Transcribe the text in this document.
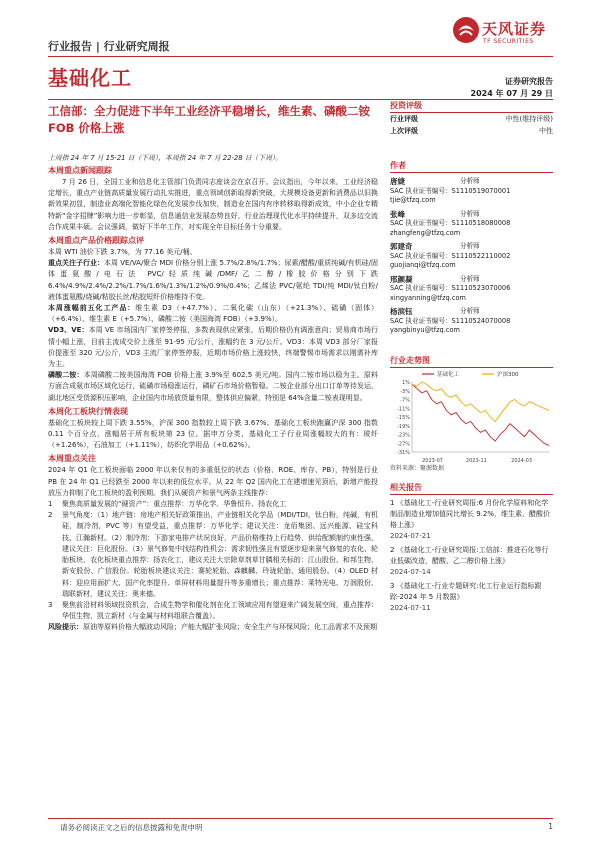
天风证券
TF SECURITIES
行业报告 | 行业研究周报
基础化工	证券研究报告
2024 年 07 月 29 日
工信部：全力促进下半年工业经济平稳增长，维生素、磷酸二铵 FOB 价格上涨
上周指 24 年 7 月 15-21 日（下周），本周指 24 年 7 月 22-28 日（下周）。
本周重点新闻跟踪
7 月 26 日，全国工业和信息化主管部门负责同志座谈会在京召开。会议指出，今年以来，工业经济稳定增长，重点产业链高质量发展行动扎实推进，重点领域创新取得新突破，大规模设备更新和消费品以旧换新效果初显，制造业高端化智能化绿色化发展步伐加快，制造业在国内有序转移取得新成效，中小企业专精特新“金字招牌”影响力进一步彰显，信息通信业发展态势良好，行业治理现代化水平持续提升，双多边交流合作成果丰硕。会议强调，做好下半年工作，对实现全年目标任务十分重要。
本周重点产品价格跟踪点评
本周 WTI 油价下跌 3.7%，为 77.16 美元/桶。
重点关注子行业：本周 VE/VA/聚合 MDI 价格分别上涨 5.7%/2.8%/1.7%；尿素/醋酸/重质纯碱/有机硅/固体蛋氨酸/电石法 PVC/轻质纯碱/DMF/乙二醇/橡胶价格分别下跌 6.4%/4.9%/2.4%/2.2%/1.7%/1.6%/1.3%/1.2%/0.9%/0.4%；乙烯法 PVC/氨纶 TDI/纯 MDI/钛白粉/液体蛋氨酸/烧碱/粘胶长丝/粘胶短纤价格维持不变。
本周涨幅前五化工产品：维生素 D3（+47.7%）、二氧化碳（山东）（+21.3%）、硫磺（固体）（+6.4%）、维生素 E（+5.7%）、磷酸二铵（美国海湾 FOB）（+3.9%）。
VD3、VE：本周 VE 市场国内厂家停签停报，多数表现供应紧张，后期价格仍有调涨意向；贸易商市场行情小幅上涨，目前主流成交价上涨至 91-95 元/公斤，涨幅约在 3 元/公斤。VD3：本周 VD3 部分厂家报价提涨至 320 元/公斤，VD3 主流厂家停签停报，近期市场价格上涨较快，终端警惕市场需求以刚需补库为主。
磷酸二铵：本周磷酸二铵美国海湾 FOB 价格上涨 3.9%至 602.5 美元/吨。国内二铵市场以稳为主。原料方面合成氨市场区域化运行，硫磺市场稳涨运行，磷矿石市场价格暂稳。二铵企业部分出口订单等待发运，湖北地区受货源积压影响，企业国内市场放货量有限，整体供应偏紧，特别是 64%含量二铵表现明显。
本周化工板块行情表现
基础化工板块较上周下跌 3.55%，沪深 300 指数较上周下跌 3.67%。基础化工板块跑赢沪深 300 指数 0.11 个百分点，涨幅居于所有板块第 23 位。据申万分类，基础化工子行业周涨幅较大的有：玻纤（+1.26%），石油加工（+1.11%），纺织化学用品（+0.62%）。
本周重点关注
2024 年 Q1 化工板块面临 2000 年以来仅有的多重低位的状态（价格、ROE、库存、PB），特别是行业 PB 在 24 年 Q1 已经跌至 2000 年以来的低位水平。从 22 年 Q2 国内化工在建增速见顶后，新增产能投放压力抑制了化工板块的盈利预期。我们从硬资产和景气两条主线推荐：
1	聚焦高质量发展的“硬资产”：重点推荐：万华化学、华鲁恒升、扬农化工
2	景气角度：（1）地产链：房地产相关好政策推出，产业链相关化学品（MDI/TDI，钛白粉，纯碱，有机硅，制冷剂，PVC 等）有望受益，重点推荐：万华化学；建议关注：龙佰集团、远兴能源、硅宝科技、江瀚新材。（2）制冷剂：下游家电排产状况良好，产品价格维持上行趋势，供给配额制约束性强，建议关注：巨化股份。（3）景气修复中找结构性机会：需求韧性强且有望逐步迎来景气修复的农化、轮胎板块，农化板块重点推荐：扬农化工，建议关注大宗除草剂草甘膦相关标的：江山股份、和邦生物、新安股份、广信股份。轮胎板块建议关注：赛轮轮胎、森麒麟、玲珑轮胎、通用股份。（4）OLED 材料：迎应用面扩大、国产化率提升、单屏材料用量提升等多重增长；重点推荐：莱特光电、万润股份、瑞联新材，建议关注：奥来德。
3	聚焦前沿材料领域投资机会，合成生物学和催化剂在化工领域应用有望迎来广阔发展空间，重点推荐：华恒生物、凯立新材（与金属与材料组联合覆盖）。
风险提示：原油等原料价格大幅波动风险；产能大幅扩张风险；安全生产与环保风险；化工品需求不及预期
投资评级
行业评级	中性(维持评级)
上次评级	中性
作者
唐婕	分析师
SAC 执业证书编号：S1110519070001
tjie@tfzq.com
张峰	分析师
SAC 执业证书编号：S1110518080008
zhangfeng@tfzq.com
郭建奇	分析师
SAC 执业证书编号：S1110522110002
guojianqi@tfzq.com
邢颜凝	分析师
SAC 执业证书编号：S1110523070006
xingyanning@tfzq.com
杨滨钰	分析师
SAC 执业证书编号：S1110524070008
yangbinyu@tfzq.com
行业走势图
1%
-3%
-7%
-11%
-15%
-19%
-23%
-27%
-31%
2023-07	2023-11	2024-03
基础化工	沪深300
资料来源：聚源数据
相关报告
1 《基础化工-行业研究周报:6 月份化学原料和化学制品制造业增加值同比增长 9.2%，维生素、醋酸价格上涨》
2024-07-21
2 《基础化工-行业研究周报:工信部：推进石化等行业低碳改造，醋酸、乙二醇价格上涨》
2024-07-14
3 《基础化工-行业专题研究:化工行业运行指标跟踪-2024 年 5 月数据》
2024-07-11
请务必阅读正文之后的信息披露和免责申明	1
